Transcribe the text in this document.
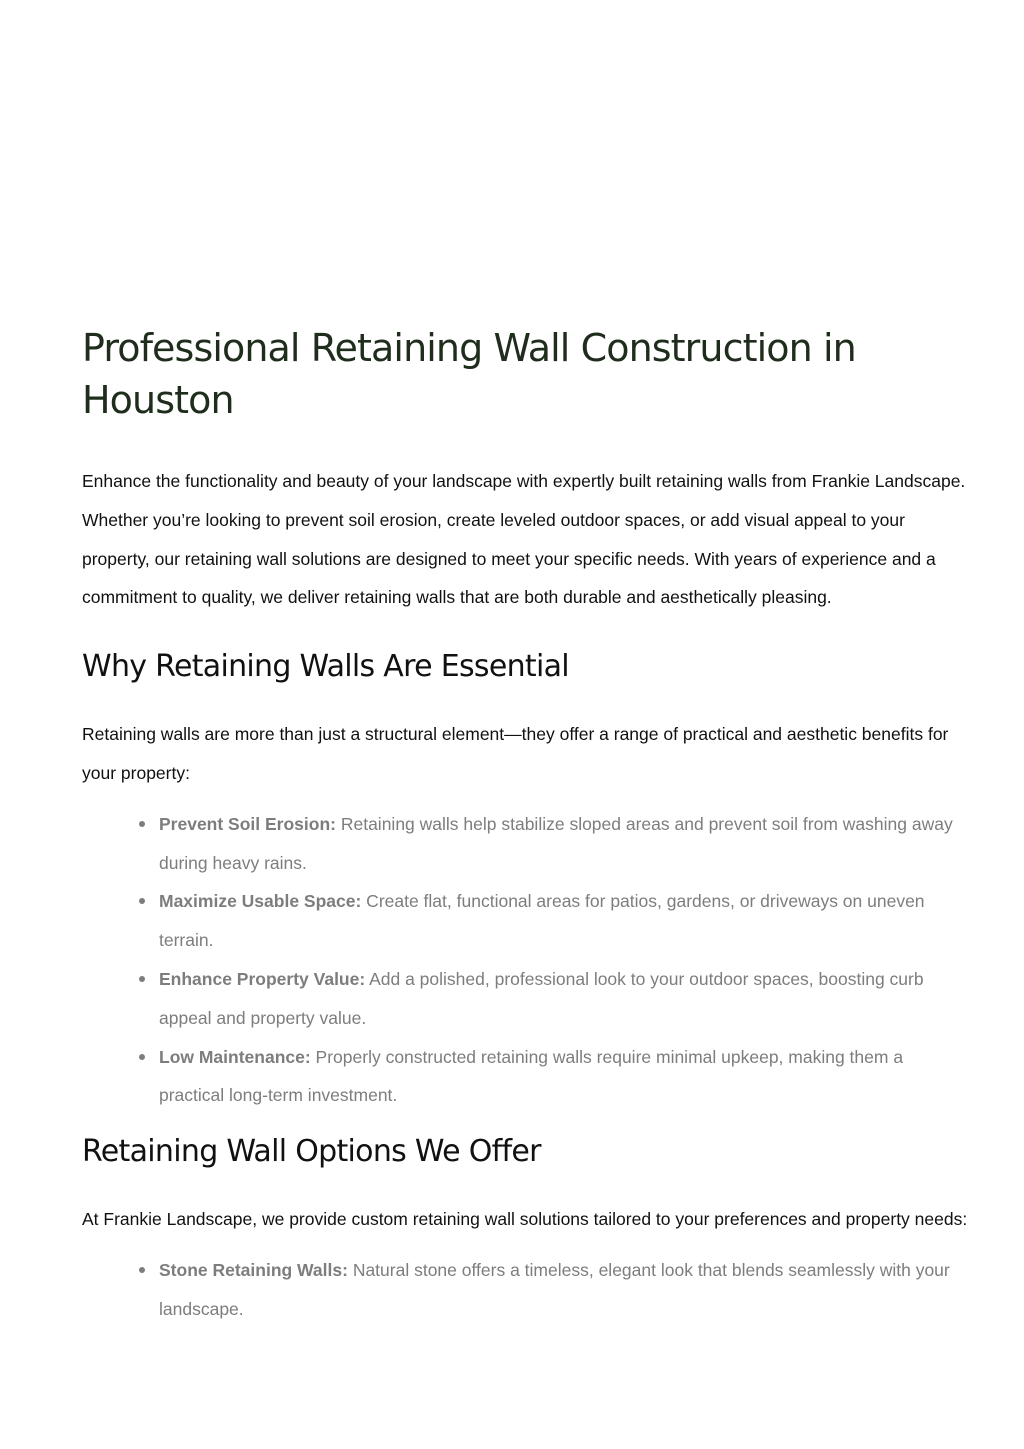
Professional Retaining Wall Construction in Houston

Enhance the functionality and beauty of your landscape with expertly built retaining walls from Frankie Landscape. Whether you’re looking to prevent soil erosion, create leveled outdoor spaces, or add visual appeal to your property, our retaining wall solutions are designed to meet your specific needs. With years of experience and a commitment to quality, we deliver retaining walls that are both durable and aesthetically pleasing.

Why Retaining Walls Are Essential

Retaining walls are more than just a structural element—they offer a range of practical and aesthetic benefits for your property:

Prevent Soil Erosion: Retaining walls help stabilize sloped areas and prevent soil from washing away during heavy rains.
Maximize Usable Space: Create flat, functional areas for patios, gardens, or driveways on uneven terrain.
Enhance Property Value: Add a polished, professional look to your outdoor spaces, boosting curb appeal and property value.
Low Maintenance: Properly constructed retaining walls require minimal upkeep, making them a practical long-term investment.
Retaining Wall Options We Offer

At Frankie Landscape, we provide custom retaining wall solutions tailored to your preferences and property needs:

Stone Retaining Walls: Natural stone offers a timeless, elegant look that blends seamlessly with your landscape.
